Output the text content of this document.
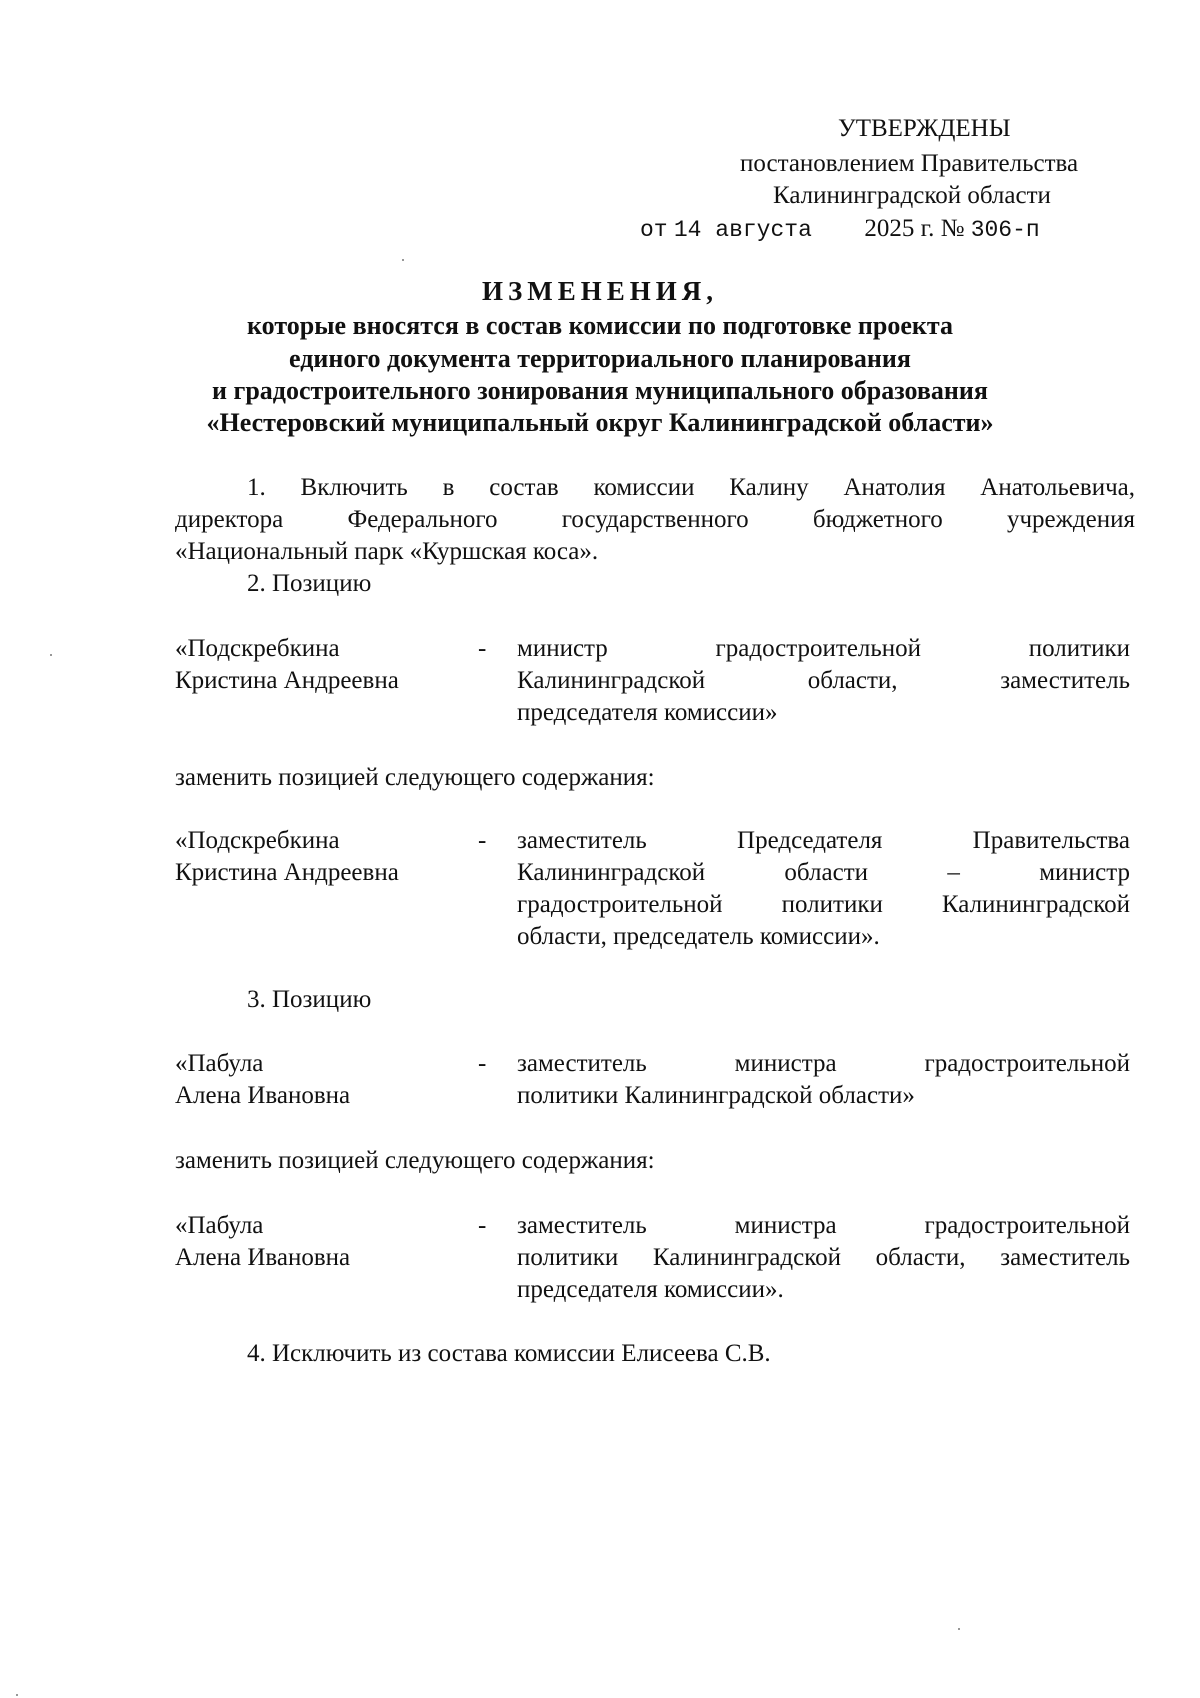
УТВЕРЖДЕНЫ
постановлением Правительства
Калининградской области
от 14 августа 2025 г. № 306-п
ИЗМЕНЕНИЯ,
которые вносятся в состав комиссии по подготовке проекта
единого документа территориального планирования
и градостроительного зонирования муниципального образования
«Нестеровский муниципальный округ Калининградской области»
1. Включить в состав комиссии Калину Анатолия Анатольевича,
директора Федерального государственного бюджетного учреждения
«Национальный парк «Куршская коса».
2. Позицию
«Подскребкина
Кристина Андреевна
- министр градостроительной политики
Калининградской области, заместитель
председателя комиссии»
заменить позицией следующего содержания:
«Подскребкина
Кристина Андреевна
- заместитель Председателя Правительства
Калининградской области – министр
градостроительной политики Калининградской
области, председатель комиссии».
3. Позицию
«Пабула
Алена Ивановна
- заместитель министра градостроительной
политики Калининградской области»
заменить позицией следующего содержания:
«Пабула
Алена Ивановна
- заместитель министра градостроительной
политики Калининградской области, заместитель
председателя комиссии».
4. Исключить из состава комиссии Елисеева С.В.
